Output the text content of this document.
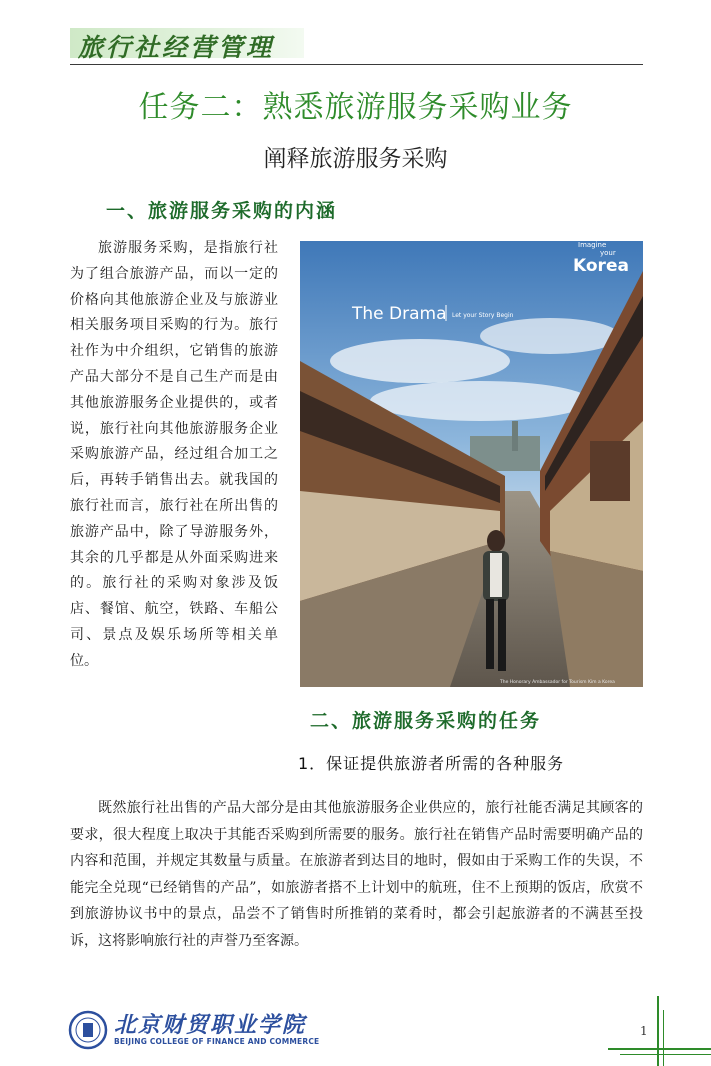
旅行社经营管理
任务二：熟悉旅游服务采购业务
阐释旅游服务采购
一、旅游服务采购的内涵

旅游服务采购，是指旅行社为了组合旅游产品，而以一定的价格向其他旅游企业及与旅游业相关服务项目采购的行为。旅行社作为中介组织，它销售的旅游产品大部分不是自己生产而是由其他旅游服务企业提供的，或者说，旅行社向其他旅游服务企业采购旅游产品，经过组合加工之后，再转手销售出去。就我国的旅行社而言，旅行社在所出售的旅游产品中，除了导游服务外，其余的几乎都是从外面采购进来的。旅行社的采购对象涉及饭店、餐馆、航空，铁路、车船公司、景点及娱乐场所等相关单位。

The Drama Let your Story Begin
Imagine
your
Korea
The Honorary Ambassador for Tourism Kim a Korea
二、旅游服务采购的任务
1．保证提供旅游者所需的各种服务

既然旅行社出售的产品大部分是由其他旅游服务企业供应的，旅行社能否满足其顾客的要求，很大程度上取决于其能否采购到所需要的服务。旅行社在销售产品时需要明确产品的内容和范围，并规定其数量与质量。在旅游者到达目的地时，假如由于采购工作的失误，不能完全兑现“已经销售的产品”，如旅游者搭不上计划中的航班，住不上预期的饭店，欣赏不到旅游协议书中的景点，品尝不了销售时所推销的菜肴时，都会引起旅游者的不满甚至投诉，这将影响旅行社的声誉乃至客源。

北京财贸职业学院
BEIJING COLLEGE OF FINANCE AND COMMERCE
1
